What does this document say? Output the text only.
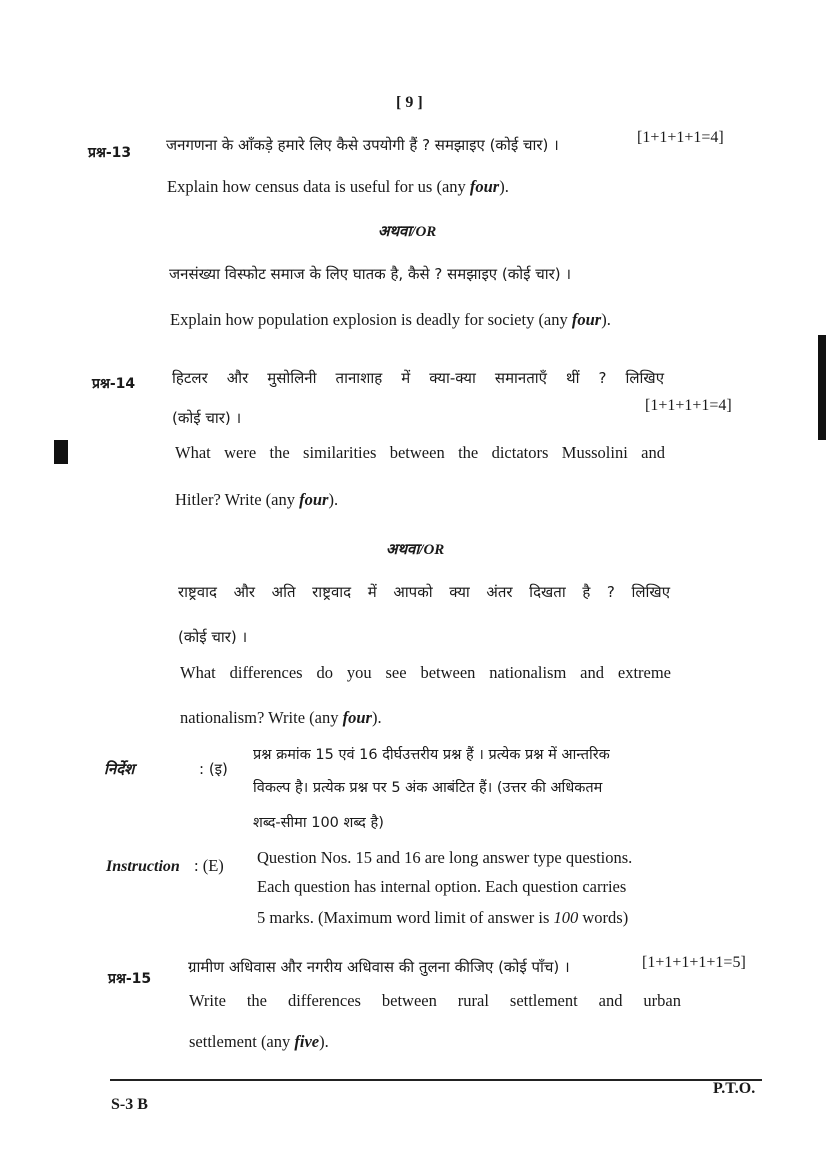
[ 9 ]
प्रश्न-13 जनगणना के आँकड़े हमारे लिए कैसे उपयोगी हैं ? समझाइए (कोई चार) ।	[1+1+1+1=4]
Explain how census data is useful for us (any four).
अथवा/OR
जनसंख्या विस्फोट समाज के लिए घातक है, कैसे ? समझाइए (कोई चार) ।
Explain how population explosion is deadly for society (any four).
प्रश्न-14 हिटलर और मुसोलिनी तानाशाह में क्या-क्या समानताएँ थीं ? लिखिए
(कोई चार) ।
[1+1+1+1=4]
What were the similarities between the dictators Mussolini and
Hitler? Write (any four).
अथवा/OR
राष्ट्रवाद और अति राष्ट्रवाद में आपको क्या अंतर दिखता है ? लिखिए
(कोई चार) ।
What differences do you see between nationalism and extreme
nationalism? Write (any four).
निर्देश	: (इ)
प्रश्न क्रमांक 15 एवं 16 दीर्घउत्तरीय प्रश्न हैं । प्रत्येक प्रश्न में आन्तरिक
विकल्प है। प्रत्येक प्रश्न पर 5 अंक आबंटित हैं। (उत्तर की अधिकतम
शब्द-सीमा 100 शब्द है)
Instruction : (E) Question Nos. 15 and 16 are long answer type questions.
Each question has internal option. Each question carries
5 marks. (Maximum word limit of answer is 100 words)
प्रश्न-15
ग्रामीण अधिवास और नगरीय अधिवास की तुलना कीजिए (कोई पाँच) ।	[1+1+1+1+1=5]
Write the differences between rural settlement and urban
settlement (any five).
S-3 B
P.T.O.
